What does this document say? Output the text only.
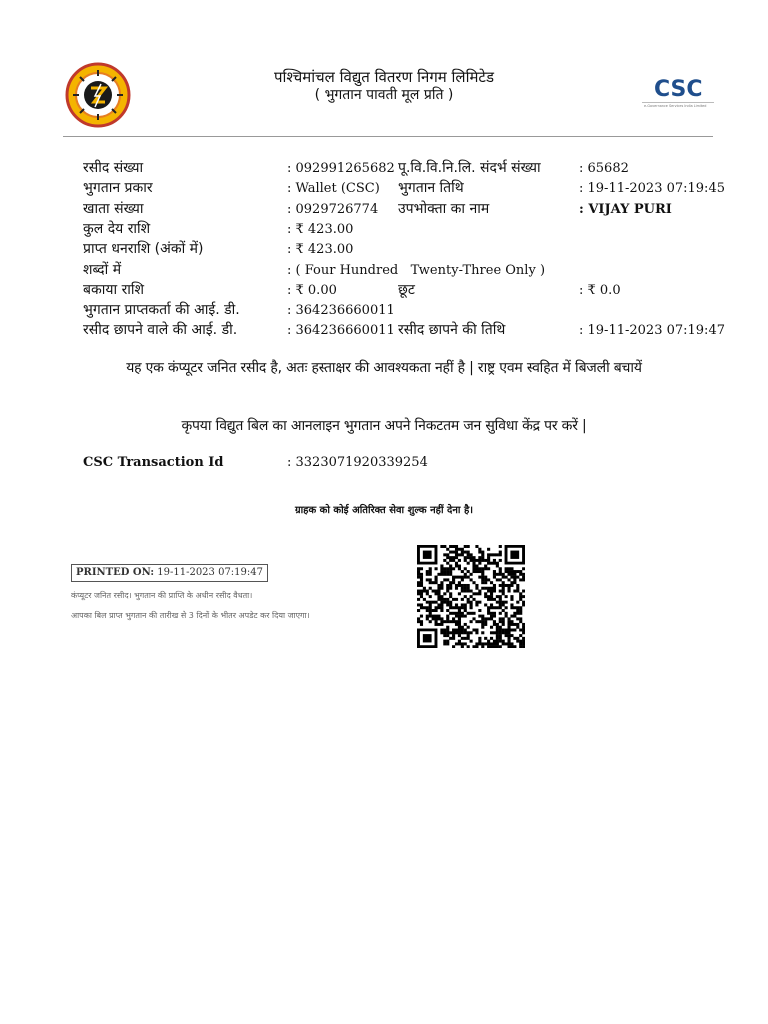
पश्चिमांचल विद्युत वितरण निगम लिमिटेड
( भुगतान पावती मूल प्रति )	CSC
e-Governance Services India Limited
रसीद संख्या	: 092991265682 पू.वि.वि.नि.लि. संदर्भ संख्या	: 65682
भुगतान प्रकार	: Wallet (CSC) भुगतान तिथि	: 19-11-2023 07:19:45
खाता संख्या	: 0929726774 उपभोक्ता का नाम	: VIJAY PURI
कुल देय राशि	: ₹ 423.00
प्राप्त धनराशि (अंकों में)	: ₹ 423.00
शब्दों में	: ( Four Hundred   Twenty-Three Only )
बकाया राशि	: ₹ 0.00	छूट	: ₹ 0.0
भुगतान प्राप्तकर्ता की आई. डी.	: 364236660011
रसीद छापने वाले की आई. डी.	: 364236660011 रसीद छापने की तिथि	: 19-11-2023 07:19:47
यह एक कंप्यूटर जनित रसीद है, अतः हस्ताक्षर की आवश्यकता नहीं है | राष्ट्र एवम स्वहित में बिजली बचायें
कृपया विद्युत बिल का आनलाइन भुगतान अपने निकटतम जन सुविधा केंद्र पर करें |
CSC Transaction Id	: 3323071920339254
ग्राहक को कोई अतिरिक्त सेवा शुल्क नहीं देना है।
PRINTED ON: 19-11-2023 07:19:47
कंप्यूटर जनित रसीद। भुगतान की प्राप्ति के अधीन रसीद वैधता।
आपका बिल प्राप्त भुगतान की तारीख से 3 दिनों के भीतर अपडेट कर दिया जाएगा।
